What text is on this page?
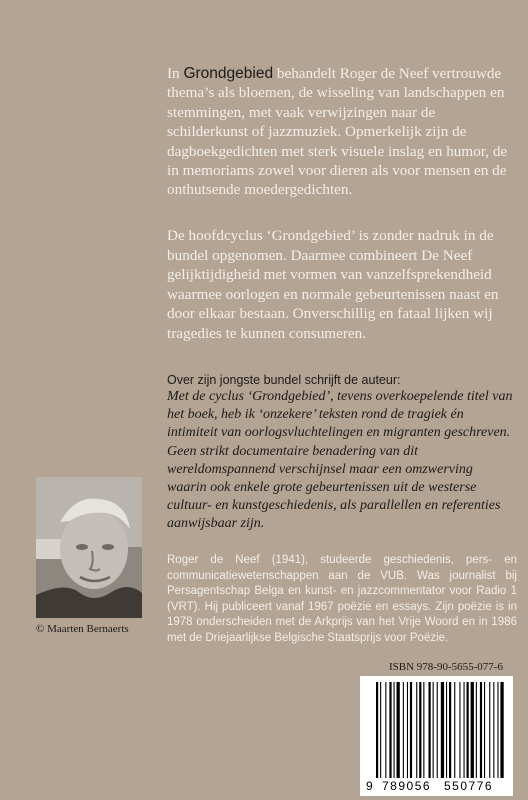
In Grondgebied behandelt Roger de Neef vertrouwde thema’s als bloemen, de wisseling van landschappen en stemmingen, met vaak verwijzingen naar de schilderkunst of jazzmuziek. Opmerkelijk zijn de dagboekgedichten met sterk visuele inslag en humor, de in memoriams zowel voor dieren als voor mensen en de onthutsende moedergedichten.

De hoofdcyclus ‘Grondgebied’ is zonder nadruk in de bundel opgenomen. Daarmee combineert De Neef gelijktijdigheid met vormen van vanzelfsprekendheid waarmee oorlogen en normale gebeurtenissen naast en door elkaar bestaan. Onverschillig en fataal lijken wij tragedies te kunnen consumeren.

Over zijn jongste bundel schrijft de auteur:

Met de cyclus ‘Grondgebied’, tevens overkoepelende titel van het boek, heb ik ‘onzekere’ teksten rond de tragiek én intimiteit van oorlogsvluchtelingen en migranten geschreven. Geen strikt documentaire benadering van dit wereldomspannend verschijnsel maar een omzwerving waarin ook enkele grote gebeurtenissen uit de westerse cultuur- en kunstgeschiedenis, als parallellen en referenties aanwijsbaar zijn.

© Maarten Bernaerts

Roger de Neef (1941), studeerde geschiedenis, pers- en communicatiewetenschappen aan de VUB. Was journalist bij Persagentschap Belga en kunst- en jazzcommentator voor Radio 1 (VRT). Hij publiceert vanaf 1967 poëzie en essays. Zijn poëzie is in 1978 onderscheiden met de Arkprijs van het Vrije Woord en in 1986 met de Driejaarlijkse Belgische Staatsprijs voor Poëzie.

ISBN 978-90-5655-077-6
9 789056 550776
